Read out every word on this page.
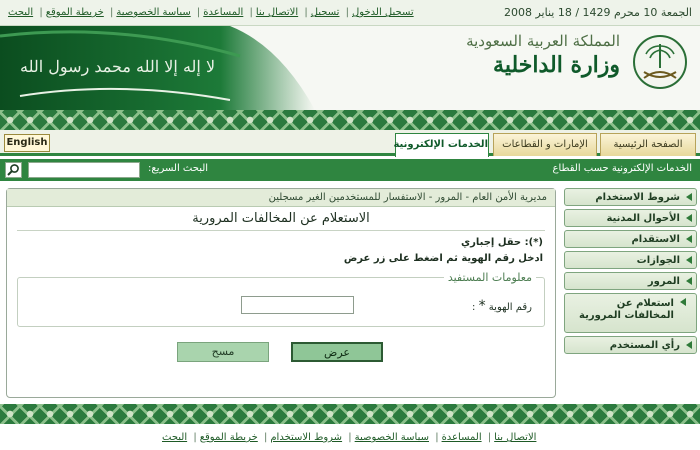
الجمعة 10 محرم 1429 / 18 يناير 2008
تسجيل الدخول| تسجيل| الاتصال بنا| المساعدة| سياسة الخصوصية| خريطة الموقع| البحث
لا إله إلا الله محمد رسول الله
المملكة العربية السعودية
وزارة الداخلية
الصفحة الرئيسية
الإمارات و القطاعات
الخدمات الإلكترونية
English
الخدمات الإلكترونية حسب القطاع
البحث السريع:
شروط الاستخدام
الأحوال المدنية
الاستقدام
الجوازات
المرور
استعلام عن المخالفات المرورية
رأي المستخدم
مديرية الأمن العام - المرور - الاستفسار للمستخدمين الغير مسجلين
الاستعلام عن المخالفات المرورية
(*): حقل إجباري
ادخل رقم الهوية ثم اضغط على زر عرض
معلومات المستفيد
رقم الهوية * :
عرض
مسح
الاتصال بنا| المساعدة| سياسة الخصوصية| شروط الاستخدام| خريطة الموقع| البحث
